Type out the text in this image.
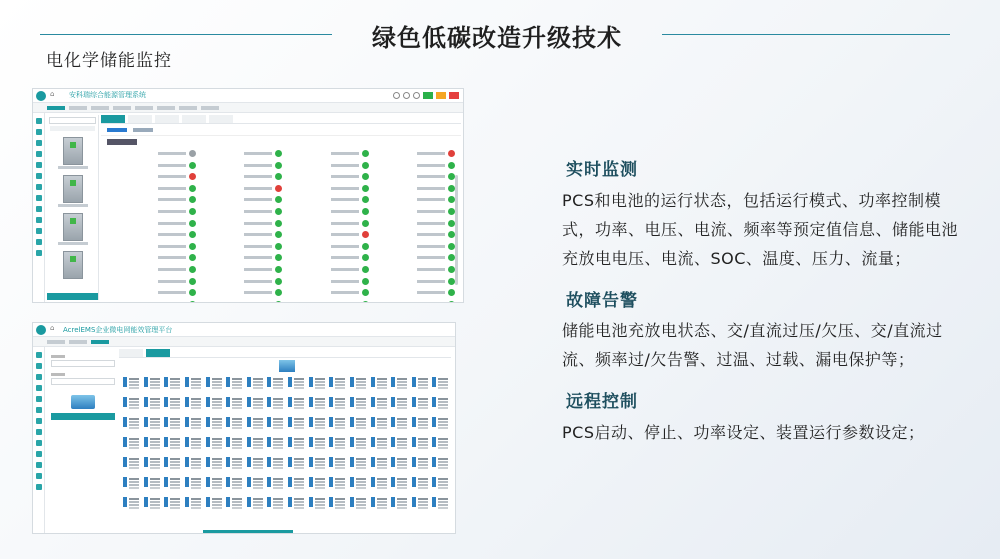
绿色低碳改造升级技术
电化学储能监控
⌂ 安科瑞综合能源管理系统
⌂ AcrelEMS企业微电网能效管理平台
实时监测
PCS和电池的运行状态，包括运行模式、功率控制模式，功率、电压、电流、频率等预定值信息、储能电池充放电电压、电流、SOC、温度、压力、流量；
故障告警
储能电池充放电状态、交/直流过压/欠压、交/直流过流、频率过/欠告警、过温、过载、漏电保护等；
远程控制
PCS启动、停止、功率设定、装置运行参数设定；
